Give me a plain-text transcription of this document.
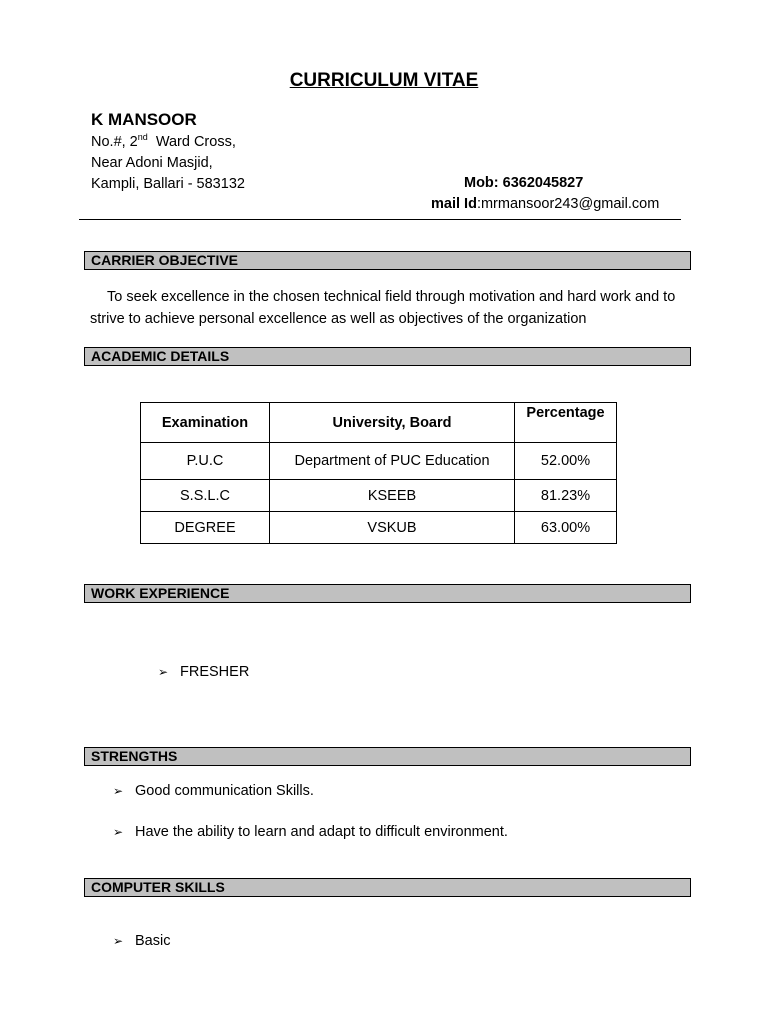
CURRICULUM VITAE
K MANSOOR
No.#, 2nd  Ward Cross,
Near Adoni Masjid,
Kampli, Ballari - 583132	Mob: 6362045827
mail Id:mrmansoor243@gmail.com
CARRIER OBJECTIVE
To seek excellence in the chosen technical field through motivation and hard work and to strive to achieve personal excellence as well as objectives of the organization
ACADEMIC DETAILS
Examination	University, Board	Percentage
P.U.C	Department of PUC Education	52.00%
S.S.L.C	KSEEB	81.23%
DEGREE	VSKUB	63.00%
WORK EXPERIENCE
➢ FRESHER
STRENGTHS
➢ Good communication Skills.
➢ Have the ability to learn and adapt to difficult environment.
COMPUTER SKILLS
➢ Basic
